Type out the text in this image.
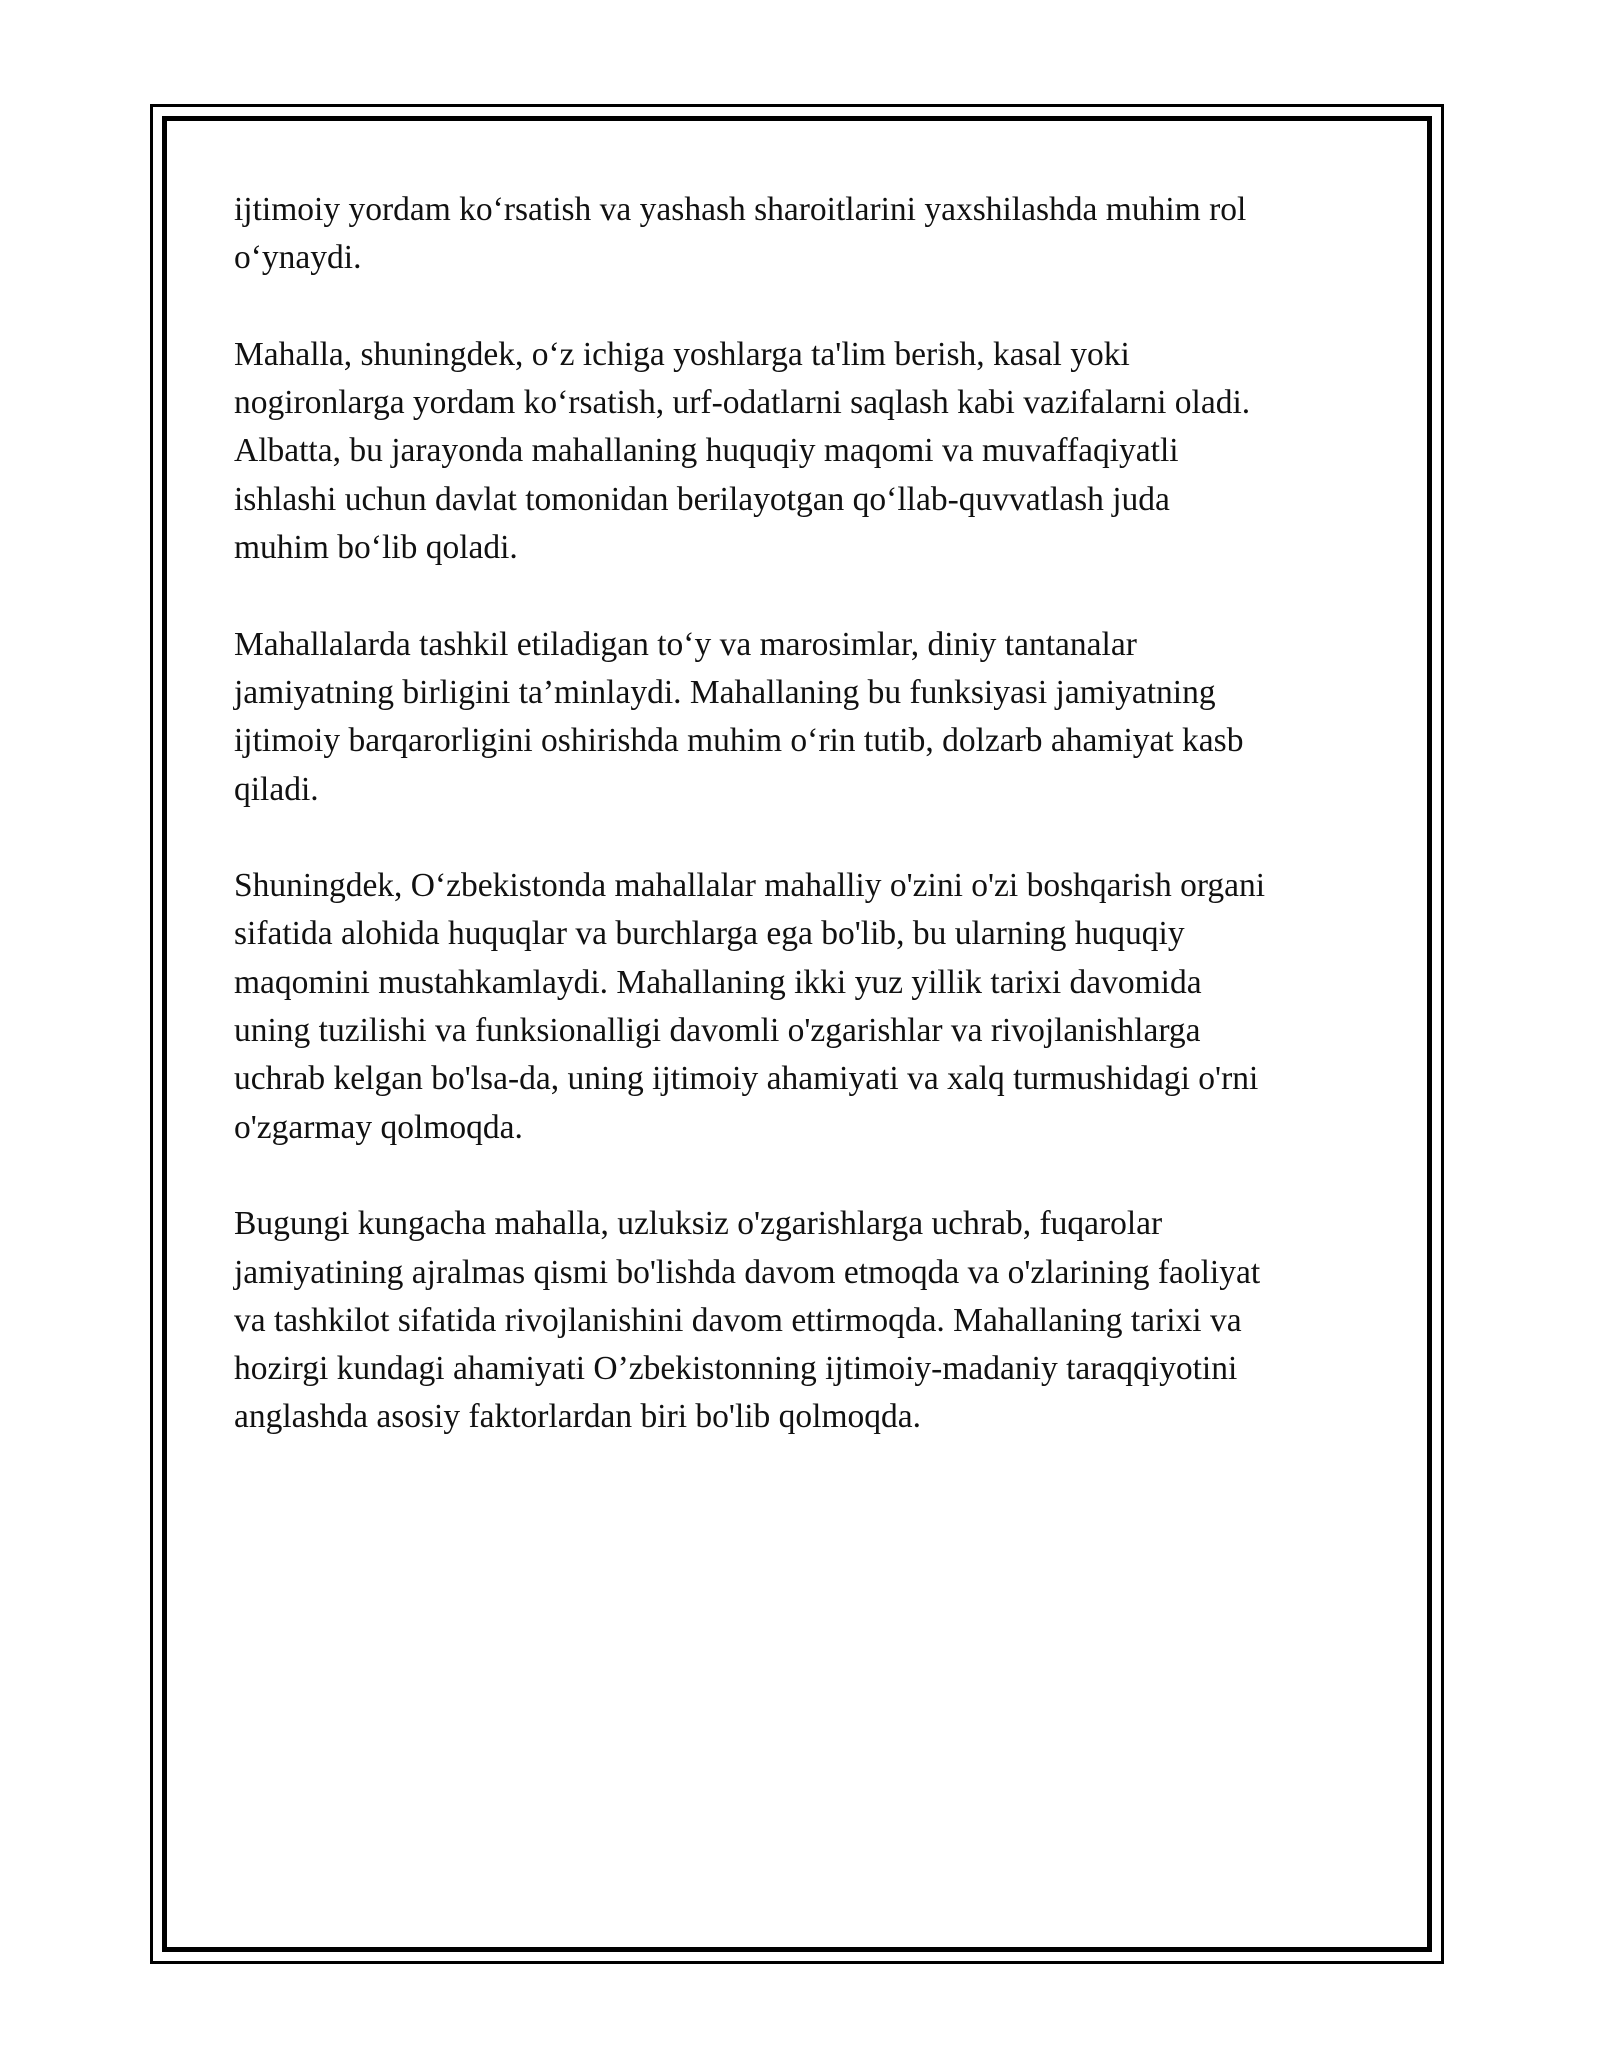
ijtimoiy yordam ko‘rsatish va yashash sharoitlarini yaxshilashda muhim rol
o‘ynaydi.

Mahalla, shuningdek, o‘z ichiga yoshlarga ta'lim berish, kasal yoki
nogironlarga yordam ko‘rsatish, urf-odatlarni saqlash kabi vazifalarni oladi.
Albatta, bu jarayonda mahallaning huquqiy maqomi va muvaffaqiyatli
ishlashi uchun davlat tomonidan berilayotgan qo‘llab-quvvatlash juda
muhim bo‘lib qoladi.

Mahallalarda tashkil etiladigan to‘y va marosimlar, diniy tantanalar
jamiyatning birligini ta’minlaydi. Mahallaning bu funksiyasi jamiyatning
ijtimoiy barqarorligini oshirishda muhim o‘rin tutib, dolzarb ahamiyat kasb
qiladi.

Shuningdek, O‘zbekistonda mahallalar mahalliy o'zini o'zi boshqarish organi
sifatida alohida huquqlar va burchlarga ega bo'lib, bu ularning huquqiy
maqomini mustahkamlaydi. Mahallaning ikki yuz yillik tarixi davomida
uning tuzilishi va funksionalligi davomli o'zgarishlar va rivojlanishlarga
uchrab kelgan bo'lsa-da, uning ijtimoiy ahamiyati va xalq turmushidagi o'rni
o'zgarmay qolmoqda.

Bugungi kungacha mahalla, uzluksiz o'zgarishlarga uchrab, fuqarolar
jamiyatining ajralmas qismi bo'lishda davom etmoqda va o'zlarining faoliyat
va tashkilot sifatida rivojlanishini davom ettirmoqda. Mahallaning tarixi va
hozirgi kundagi ahamiyati O’zbekistonning ijtimoiy-madaniy taraqqiyotini
anglashda asosiy faktorlardan biri bo'lib qolmoqda.
